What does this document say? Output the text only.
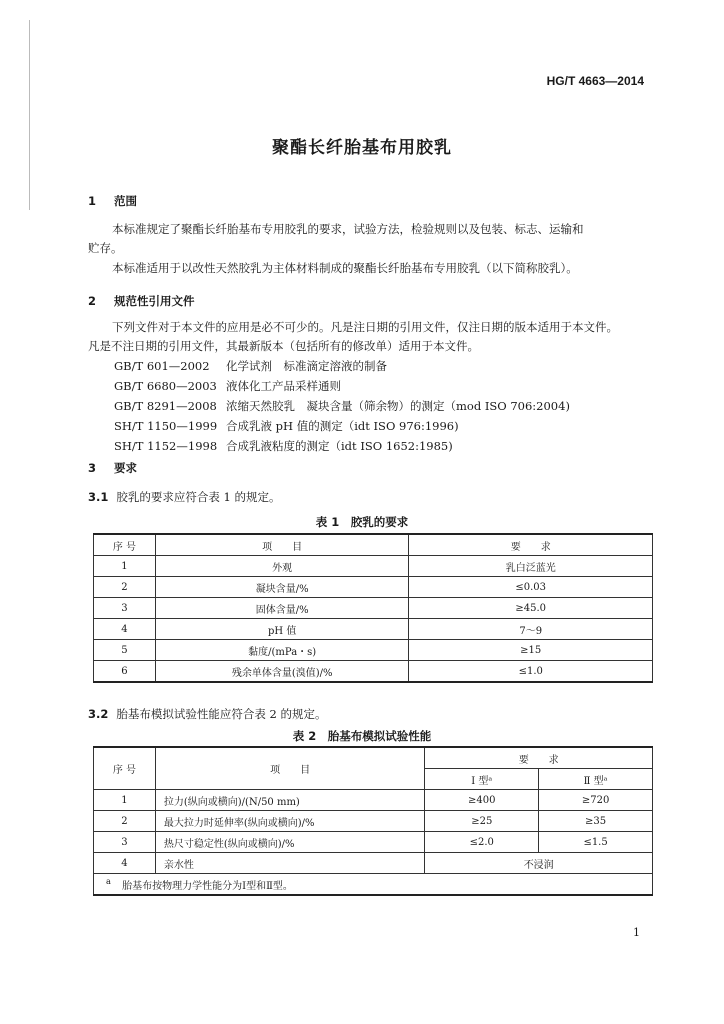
HG/T 4663—2014
聚酯长纤胎基布用胶乳
1 范围
本标准规定了聚酯长纤胎基布专用胶乳的要求，试验方法，检验规则以及包装、标志、运输和
贮存。
本标准适用于以改性天然胶乳为主体材料制成的聚酯长纤胎基布专用胶乳（以下简称胶乳）。
2 规范性引用文件
下列文件对于本文件的应用是必不可少的。凡是注日期的引用文件，仅注日期的版本适用于本文件。
凡是不注日期的引用文件，其最新版本（包括所有的修改单）适用于本文件。
GB/T 601—2002 化学试剂　标准滴定溶液的制备
GB/T 6680—2003 液体化工产品采样通则
GB/T 8291—2008 浓缩天然胶乳　凝块含量（筛余物）的测定（mod ISO 706:2004)
SH/T 1150—1999 合成乳液 pH 值的测定（idt ISO 976:1996)
SH/T 1152—1998 合成乳液粘度的测定（idt ISO 1652:1985)
3 要求
3.1 胶乳的要求应符合表 1 的规定。
表 1　胶乳的要求
序 号	项　　目	要　　求
1	外观	乳白泛蓝光
2	凝块含量/%	≤0.03
3	固体含量/%	≥45.0
4	pH 值	7～9
5	黏度/(mPa・s)	≥15
6	残余单体含量(溴值)/%	≤1.0
3.2 胎基布模拟试验性能应符合表 2 的规定。
表 2　胎基布模拟试验性能
序 号	项　　目	要　　求	
		Ⅰ 型ᵃ	Ⅱ 型ᵃ
1	拉力(纵向或横向)/(N/50 mm)	≥400	≥720
2	最大拉力时延伸率(纵向或横向)/%	≥25	≥35
3	热尺寸稳定性(纵向或横向)/%	≤2.0	≤1.5
4	亲水性	不浸润	
$^a$ 胎基布按物理力学性能分为Ⅰ型和Ⅱ型。			
1
